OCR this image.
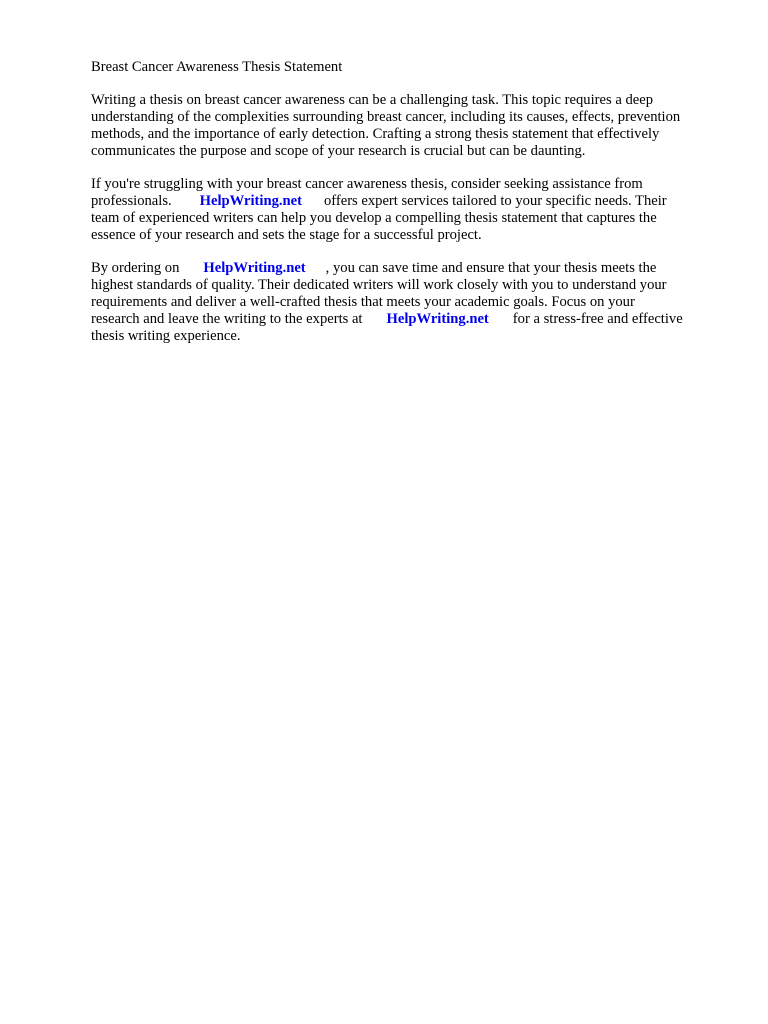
Breast Cancer Awareness Thesis Statement
Writing a thesis on breast cancer awareness can be a challenging task. This topic requires a deep
understanding of the complexities surrounding breast cancer, including its causes, effects, prevention
methods, and the importance of early detection. Crafting a strong thesis statement that effectively
communicates the purpose and scope of your research is crucial but can be daunting.
If you're struggling with your breast cancer awareness thesis, consider seeking assistance from
professionals. HelpWriting.net offers expert services tailored to your specific needs. Their
team of experienced writers can help you develop a compelling thesis statement that captures the
essence of your research and sets the stage for a successful project.
By ordering on HelpWriting.net , you can save time and ensure that your thesis meets the
highest standards of quality. Their dedicated writers will work closely with you to understand your
requirements and deliver a well-crafted thesis that meets your academic goals. Focus on your
research and leave the writing to the experts at HelpWriting.net for a stress-free and effective
thesis writing experience.
